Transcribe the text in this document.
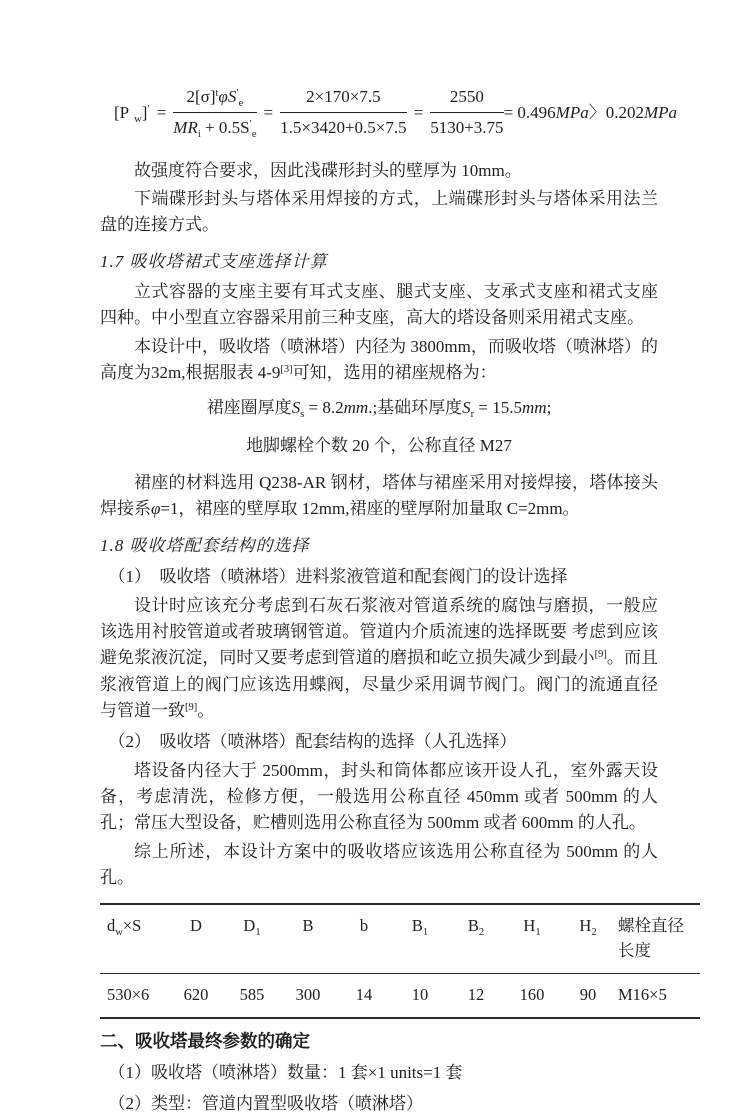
[P $_w]' = \frac{2[\sigma]^t\varphi S'_e}{MR_i + 0.5S'_e} = \frac{2\times 170\times 7.5}{1.5\times 3420+0.5\times 7.5} = \frac{2550}{5130+3.75} = 0.496MPa$〉0.202MPa

故强度符合要求，因此浅碟形封头的壁厚为 10mm。

下端碟形封头与塔体采用焊接的方式，上端碟形封头与塔体采用法兰盘的连接方式。

1.7 吸收塔裙式支座选择计算

立式容器的支座主要有耳式支座、腿式支座、支承式支座和裙式支座四种。中小型直立容器采用前三种支座，高大的塔设备则采用裙式支座。

本设计中，吸收塔（喷淋塔）内径为 3800mm，而吸收塔（喷淋塔）的高度为32m,根据服表 4-9[3]可知，选用的裙座规格为：

裙座圈厚度$S_s = 8.2mm$.;基础环厚度$S_r = 15.5mm$;
地脚螺栓个数 20 个，公称直径 M27

裙座的材料选用 Q238-AR 钢材，塔体与裙座采用对接焊接，塔体接头焊接系φ=1，裙座的壁厚取 12mm,裙座的壁厚附加量取 C=2mm。

1.8 吸收塔配套结构的选择

（1）　吸收塔（喷淋塔）进料浆液管道和配套阀门的设计选择

设计时应该充分考虑到石灰石浆液对管道系统的腐蚀与磨损，一般应该选用衬胶管道或者玻璃钢管道。管道内介质流速的选择既要 考虑到应该避免浆液沉淀，同时又要考虑到管道的磨损和屹立损失减少到最小[9]。而且浆液管道上的阀门应该选用蝶阀，尽量少采用调节阀门。阀门的流通直径与管道一致[9]。

（2）　吸收塔（喷淋塔）配套结构的选择（人孔选择）

塔设备内径大于 2500mm，封头和筒体都应该开设人孔，室外露天设备，考虑清洗，检修方便，一般选用公称直径 450mm 或者 500mm 的人孔；常压大型设备，贮槽则选用公称直径为 500mm 或者 600mm 的人孔。

综上所述，本设计方案中的吸收塔应该选用公称直径为 500mm 的人孔。

$d_w\times S$	D	$D_1$	B	b	$B_1$	$B_2$	$H_1$	$H_2$	螺栓直径长度
530×6	620	585	300	14	10	12	160	90	M16×5
二、吸收塔最终参数的确定

（1）吸收塔（喷淋塔）数量：1 套×1 units=1 套

（2）类型：管道内置型吸收塔（喷淋塔）
